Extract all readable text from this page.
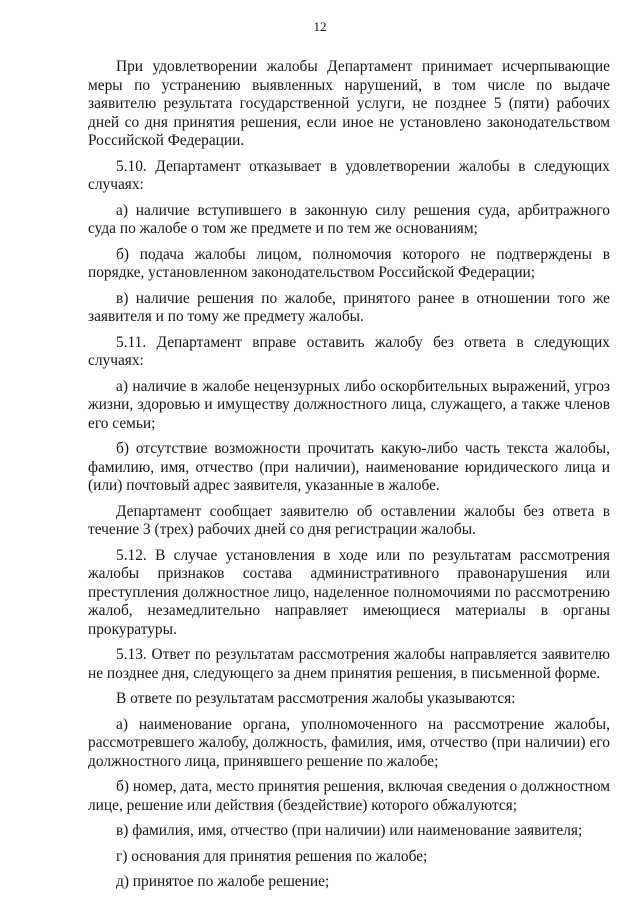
12

При удовлетворении жалобы Департамент принимает исчерпывающие меры по устранению выявленных нарушений, в том числе по выдаче заявителю результата государственной услуги, не позднее 5 (пяти) рабочих дней со дня принятия решения, если иное не установлено законодательством Российской Федерации.

5.10. Департамент отказывает в удовлетворении жалобы в следующих случаях:

а) наличие вступившего в законную силу решения суда, арбитражного суда по жалобе о том же предмете и по тем же основаниям;

б) подача жалобы лицом, полномочия которого не подтверждены в порядке, установленном законодательством Российской Федерации;

в) наличие решения по жалобе, принятого ранее в отношении того же заявителя и по тому же предмету жалобы.

5.11. Департамент вправе оставить жалобу без ответа в следующих случаях:

а) наличие в жалобе нецензурных либо оскорбительных выражений, угроз жизни, здоровью и имуществу должностного лица, служащего, а также членов его семьи;

б) отсутствие возможности прочитать какую-либо часть текста жалобы, фамилию, имя, отчество (при наличии), наименование юридического лица и (или) почтовый адрес заявителя, указанные в жалобе.

Департамент сообщает заявителю об оставлении жалобы без ответа в течение 3 (трех) рабочих дней со дня регистрации жалобы.

5.12. В случае установления в ходе или по результатам рассмотрения жалобы признаков состава административного правонарушения или преступления должностное лицо, наделенное полномочиями по рассмотрению жалоб, незамедлительно направляет имеющиеся материалы в органы прокуратуры.

5.13. Ответ по результатам рассмотрения жалобы направляется заявителю не позднее дня, следующего за днем принятия решения, в письменной форме.

В ответе по результатам рассмотрения жалобы указываются:

а) наименование органа, уполномоченного на рассмотрение жалобы, рассмотревшего жалобу, должность, фамилия, имя, отчество (при наличии) его должностного лица, принявшего решение по жалобе;

б) номер, дата, место принятия решения, включая сведения о должностном лице, решение или действия (бездействие) которого обжалуются;

в) фамилия, имя, отчество (при наличии) или наименование заявителя;

г) основания для принятия решения по жалобе;

д) принятое по жалобе решение;
